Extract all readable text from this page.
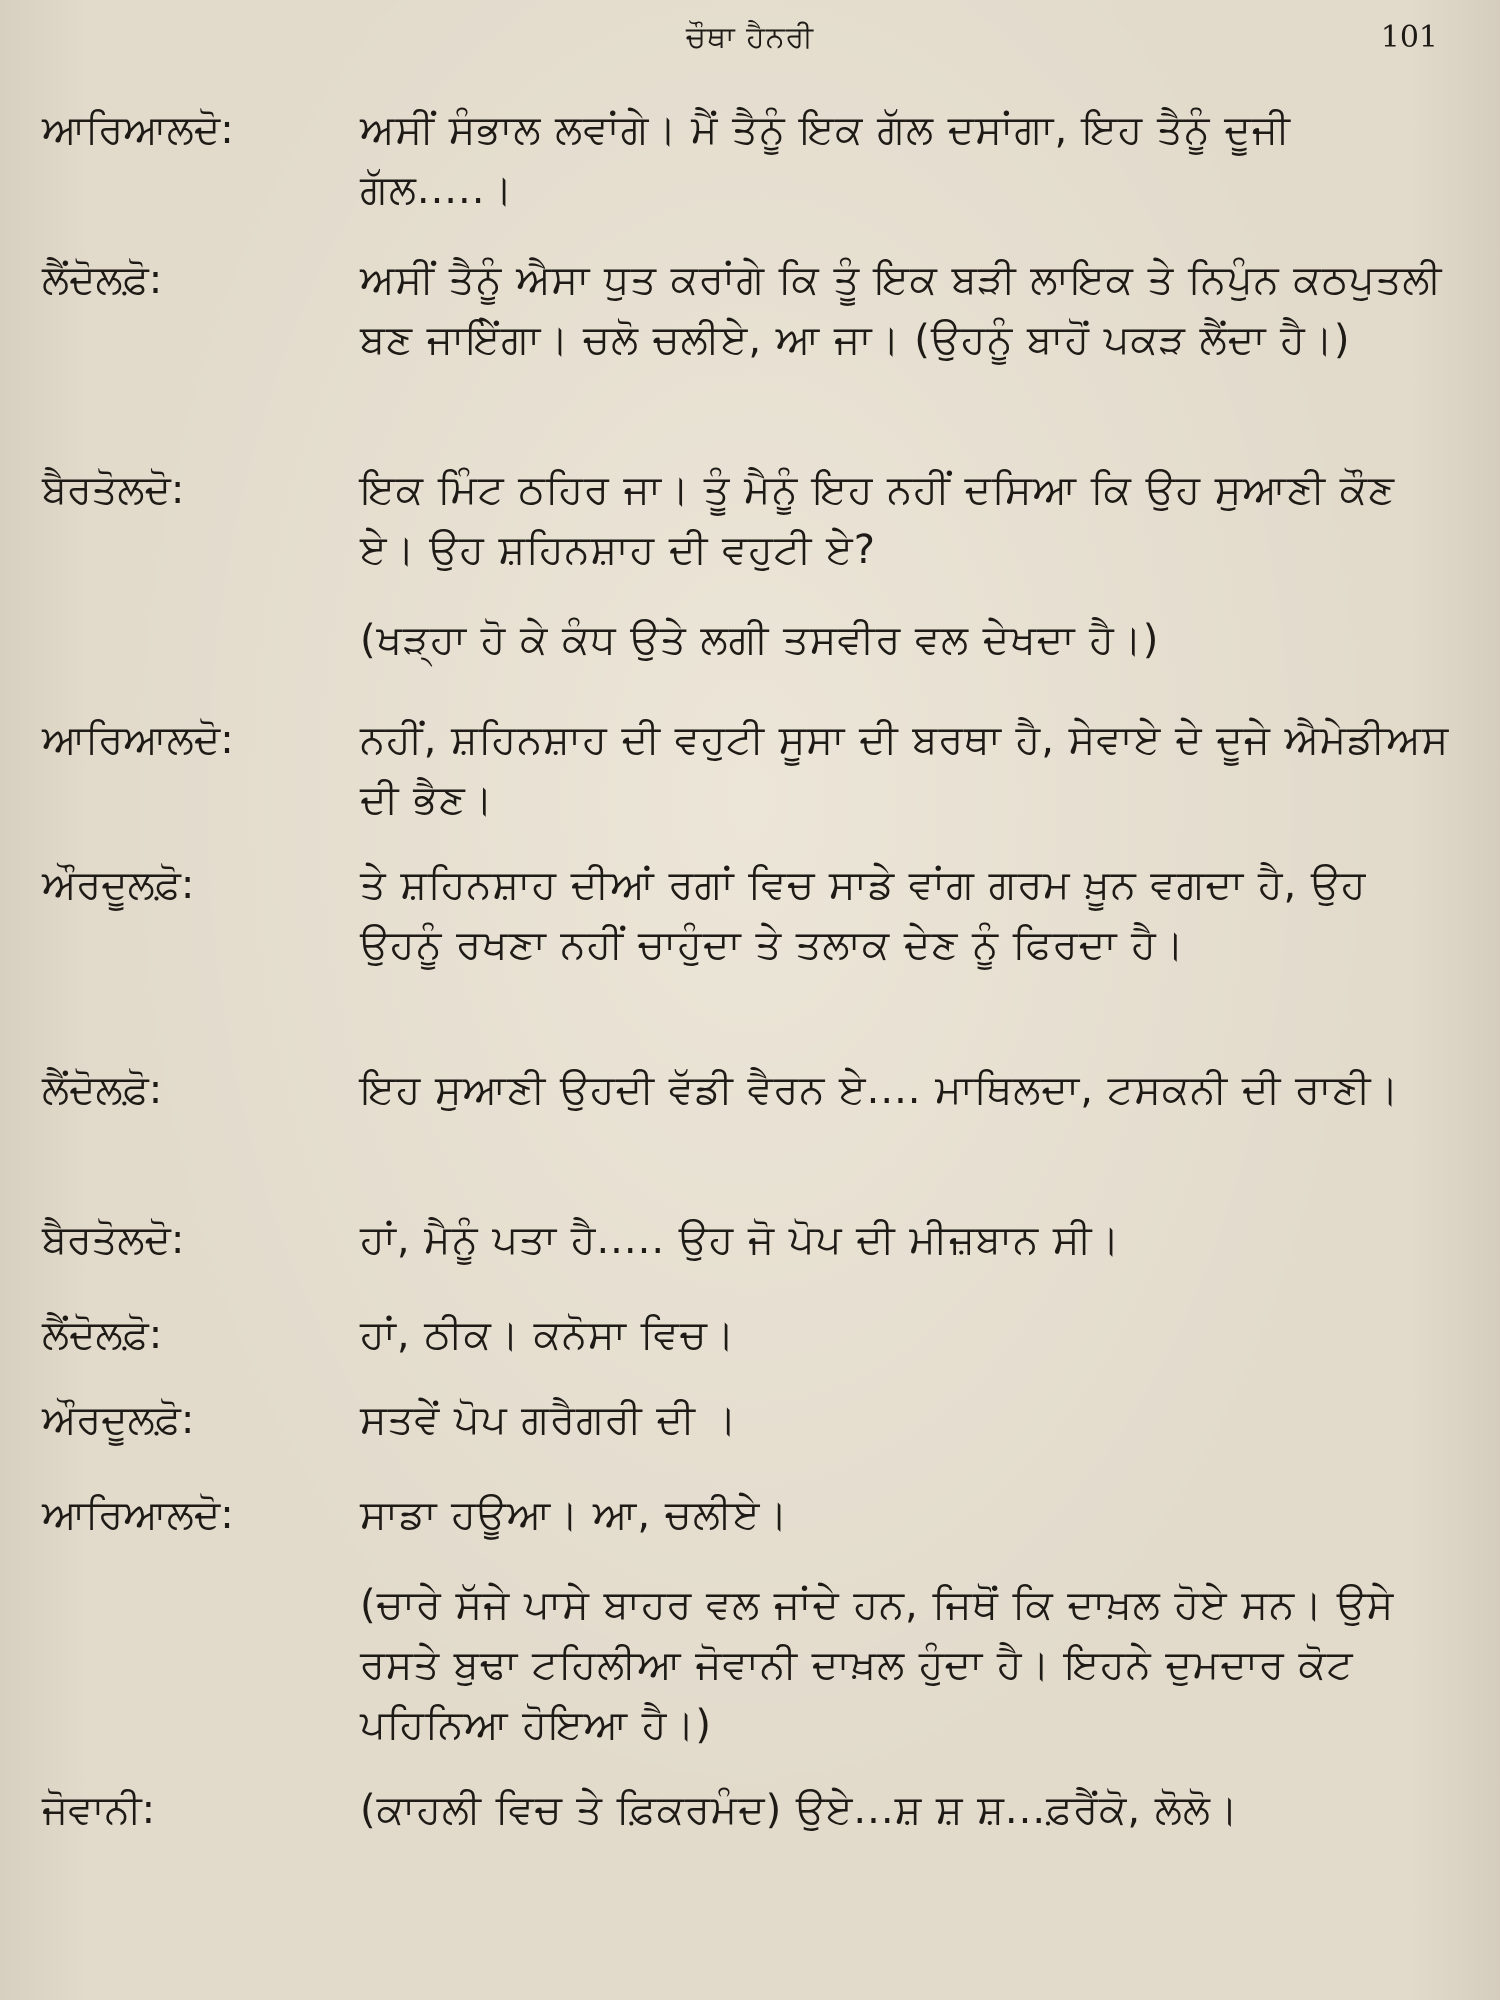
ਚੌਥਾ ਹੈਨਰੀ	101
ਆਰਿਆਲਦੋ:	ਅਸੀਂ ਸੰਭਾਲ ਲਵਾਂਗੇ। ਮੈਂ ਤੈਨੂੰ ਇਕ ਗੱਲ ਦਸਾਂਗਾ, ਇਹ ਤੈਨੂੰ ਦੂਜੀ ਗੱਲ.....।
ਲੈਂਦੋਲਫ਼ੋ:	ਅਸੀਂ ਤੈਨੂੰ ਐਸਾ ਧੁਤ ਕਰਾਂਗੇ ਕਿ ਤੂੰ ਇਕ ਬੜੀ ਲਾਇਕ ਤੇ ਨਿਪੁੰਨ ਕਠਪੁਤਲੀ ਬਣ ਜਾਇੇਂਗਾ। ਚਲੋ ਚਲੀਏ, ਆ ਜਾ। (ਉਹਨੂੰ ਬਾਹੋਂ ਪਕੜ ਲੈਂਦਾ ਹੈ।)
ਬੈਰਤੋਲਦੋ:	ਇਕ ਮਿੰਟ ਠਹਿਰ ਜਾ। ਤੂੰ ਮੈਨੂੰ ਇਹ ਨਹੀਂ ਦਸਿਆ ਕਿ ਉਹ ਸੁਆਣੀ ਕੌਣ ਏ। ਉਹ ਸ਼ਹਿਨਸ਼ਾਹ ਦੀ ਵਹੁਟੀ ਏ?
(ਖੜ੍ਹਾ ਹੋ ਕੇ ਕੰਧ ਉਤੇ ਲਗੀ ਤਸਵੀਰ ਵਲ ਦੇਖਦਾ ਹੈ।)
ਆਰਿਆਲਦੋ:	ਨਹੀਂ, ਸ਼ਹਿਨਸ਼ਾਹ ਦੀ ਵਹੁਟੀ ਸੂਸਾ ਦੀ ਬਰਥਾ ਹੈ, ਸੇਵਾਏ ਦੇ ਦੂਜੇ ਐਮੇਡੀਅਸ ਦੀ ਭੈਣ।
ਔਰਦੂਲਫ਼ੋ:	ਤੇ ਸ਼ਹਿਨਸ਼ਾਹ ਦੀਆਂ ਰਗਾਂ ਵਿਚ ਸਾਡੇ ਵਾਂਗ ਗਰਮ ਖ਼ੂਨ ਵਗਦਾ ਹੈ, ਉਹ ਉਹਨੂੰ ਰਖਣਾ ਨਹੀਂ ਚਾਹੁੰਦਾ ਤੇ ਤਲਾਕ ਦੇਣ ਨੂੰ ਫਿਰਦਾ ਹੈ।
ਲੈਂਦੋਲਫ਼ੋ:	ਇਹ ਸੁਆਣੀ ਉਹਦੀ ਵੱਡੀ ਵੈਰਨ ਏ.... ਮਾਥਿਲਦਾ, ਟਸਕਨੀ ਦੀ ਰਾਣੀ।
ਬੈਰਤੋਲਦੋ:	ਹਾਂ, ਮੈਨੂੰ ਪਤਾ ਹੈ..... ਉਹ ਜੋ ਪੋਪ ਦੀ ਮੀਜ਼ਬਾਨ ਸੀ।
ਲੈਂਦੋਲਫ਼ੋ:	ਹਾਂ, ਠੀਕ। ਕਨੋਸਾ ਵਿਚ।
ਔਰਦੂਲਫ਼ੋ:	ਸਤਵੇਂ ਪੋਪ ਗਰੈਗਰੀ ਦੀ ।
ਆਰਿਆਲਦੋ:	ਸਾਡਾ ਹਊਆ। ਆ, ਚਲੀਏ।
(ਚਾਰੇ ਸੱਜੇ ਪਾਸੇ ਬਾਹਰ ਵਲ ਜਾਂਦੇ ਹਨ, ਜਿਥੋਂ ਕਿ ਦਾਖ਼ਲ ਹੋਏ ਸਨ। ਉਸੇ ਰਸਤੇ ਬੁਢਾ ਟਹਿਲੀਆ ਜੋਵਾਨੀ ਦਾਖ਼ਲ ਹੁੰਦਾ ਹੈ। ਇਹਨੇ ਦੁਮਦਾਰ ਕੋਟ ਪਹਿਨਿਆ ਹੋਇਆ ਹੈ।)
ਜੋਵਾਨੀ:	(ਕਾਹਲੀ ਵਿਚ ਤੇ ਫ਼ਿਕਰਮੰਦ) ਉਏ...ਸ਼ ਸ਼ ਸ਼...ਫ਼ਰੈਂਕੋ, ਲੋਲੋ।
